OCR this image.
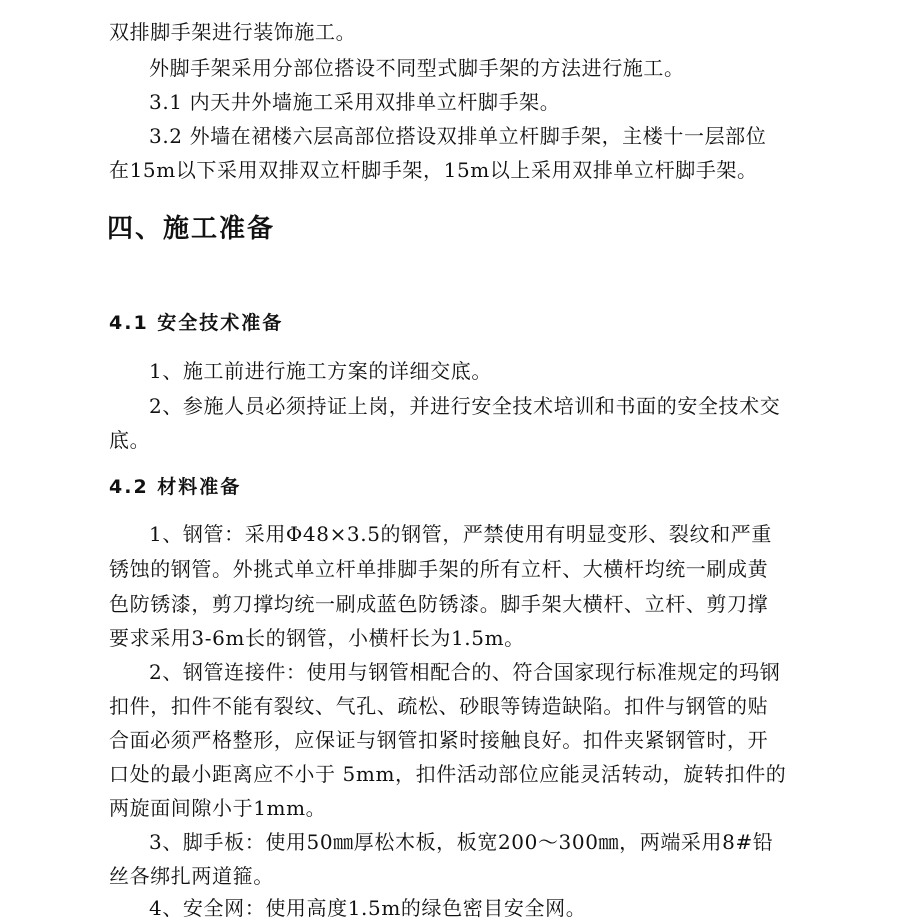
双排脚手架进行装饰施工。
外脚手架采用分部位搭设不同型式脚手架的方法进行施工。
3.1 内天井外墙施工采用双排单立杆脚手架。
3.2 外墙在裙楼六层高部位搭设双排单立杆脚手架，主楼十一层部位
在15m以下采用双排双立杆脚手架，15m以上采用双排单立杆脚手架。
四、施工准备
4.1 安全技术准备
1、施工前进行施工方案的详细交底。
2、参施人员必须持证上岗，并进行安全技术培训和书面的安全技术交
底。
4.2 材料准备
1、钢管：采用Φ48×3.5的钢管，严禁使用有明显变形、裂纹和严重
锈蚀的钢管。外挑式单立杆单排脚手架的所有立杆、大横杆均统一刷成黄
色防锈漆，剪刀撑均统一刷成蓝色防锈漆。脚手架大横杆、立杆、剪刀撑
要求采用3-6m长的钢管，小横杆长为1.5m。
2、钢管连接件：使用与钢管相配合的、符合国家现行标准规定的玛钢
扣件，扣件不能有裂纹、气孔、疏松、砂眼等铸造缺陷。扣件与钢管的贴
合面必须严格整形，应保证与钢管扣紧时接触良好。扣件夹紧钢管时，开
口处的最小距离应不小于 5mm，扣件活动部位应能灵活转动，旋转扣件的
两旋面间隙小于1mm。
3、脚手板：使用50㎜厚松木板，板宽200～300㎜，两端采用8#铅
丝各绑扎两道箍。
4、安全网：使用高度1.5m的绿色密目安全网。
